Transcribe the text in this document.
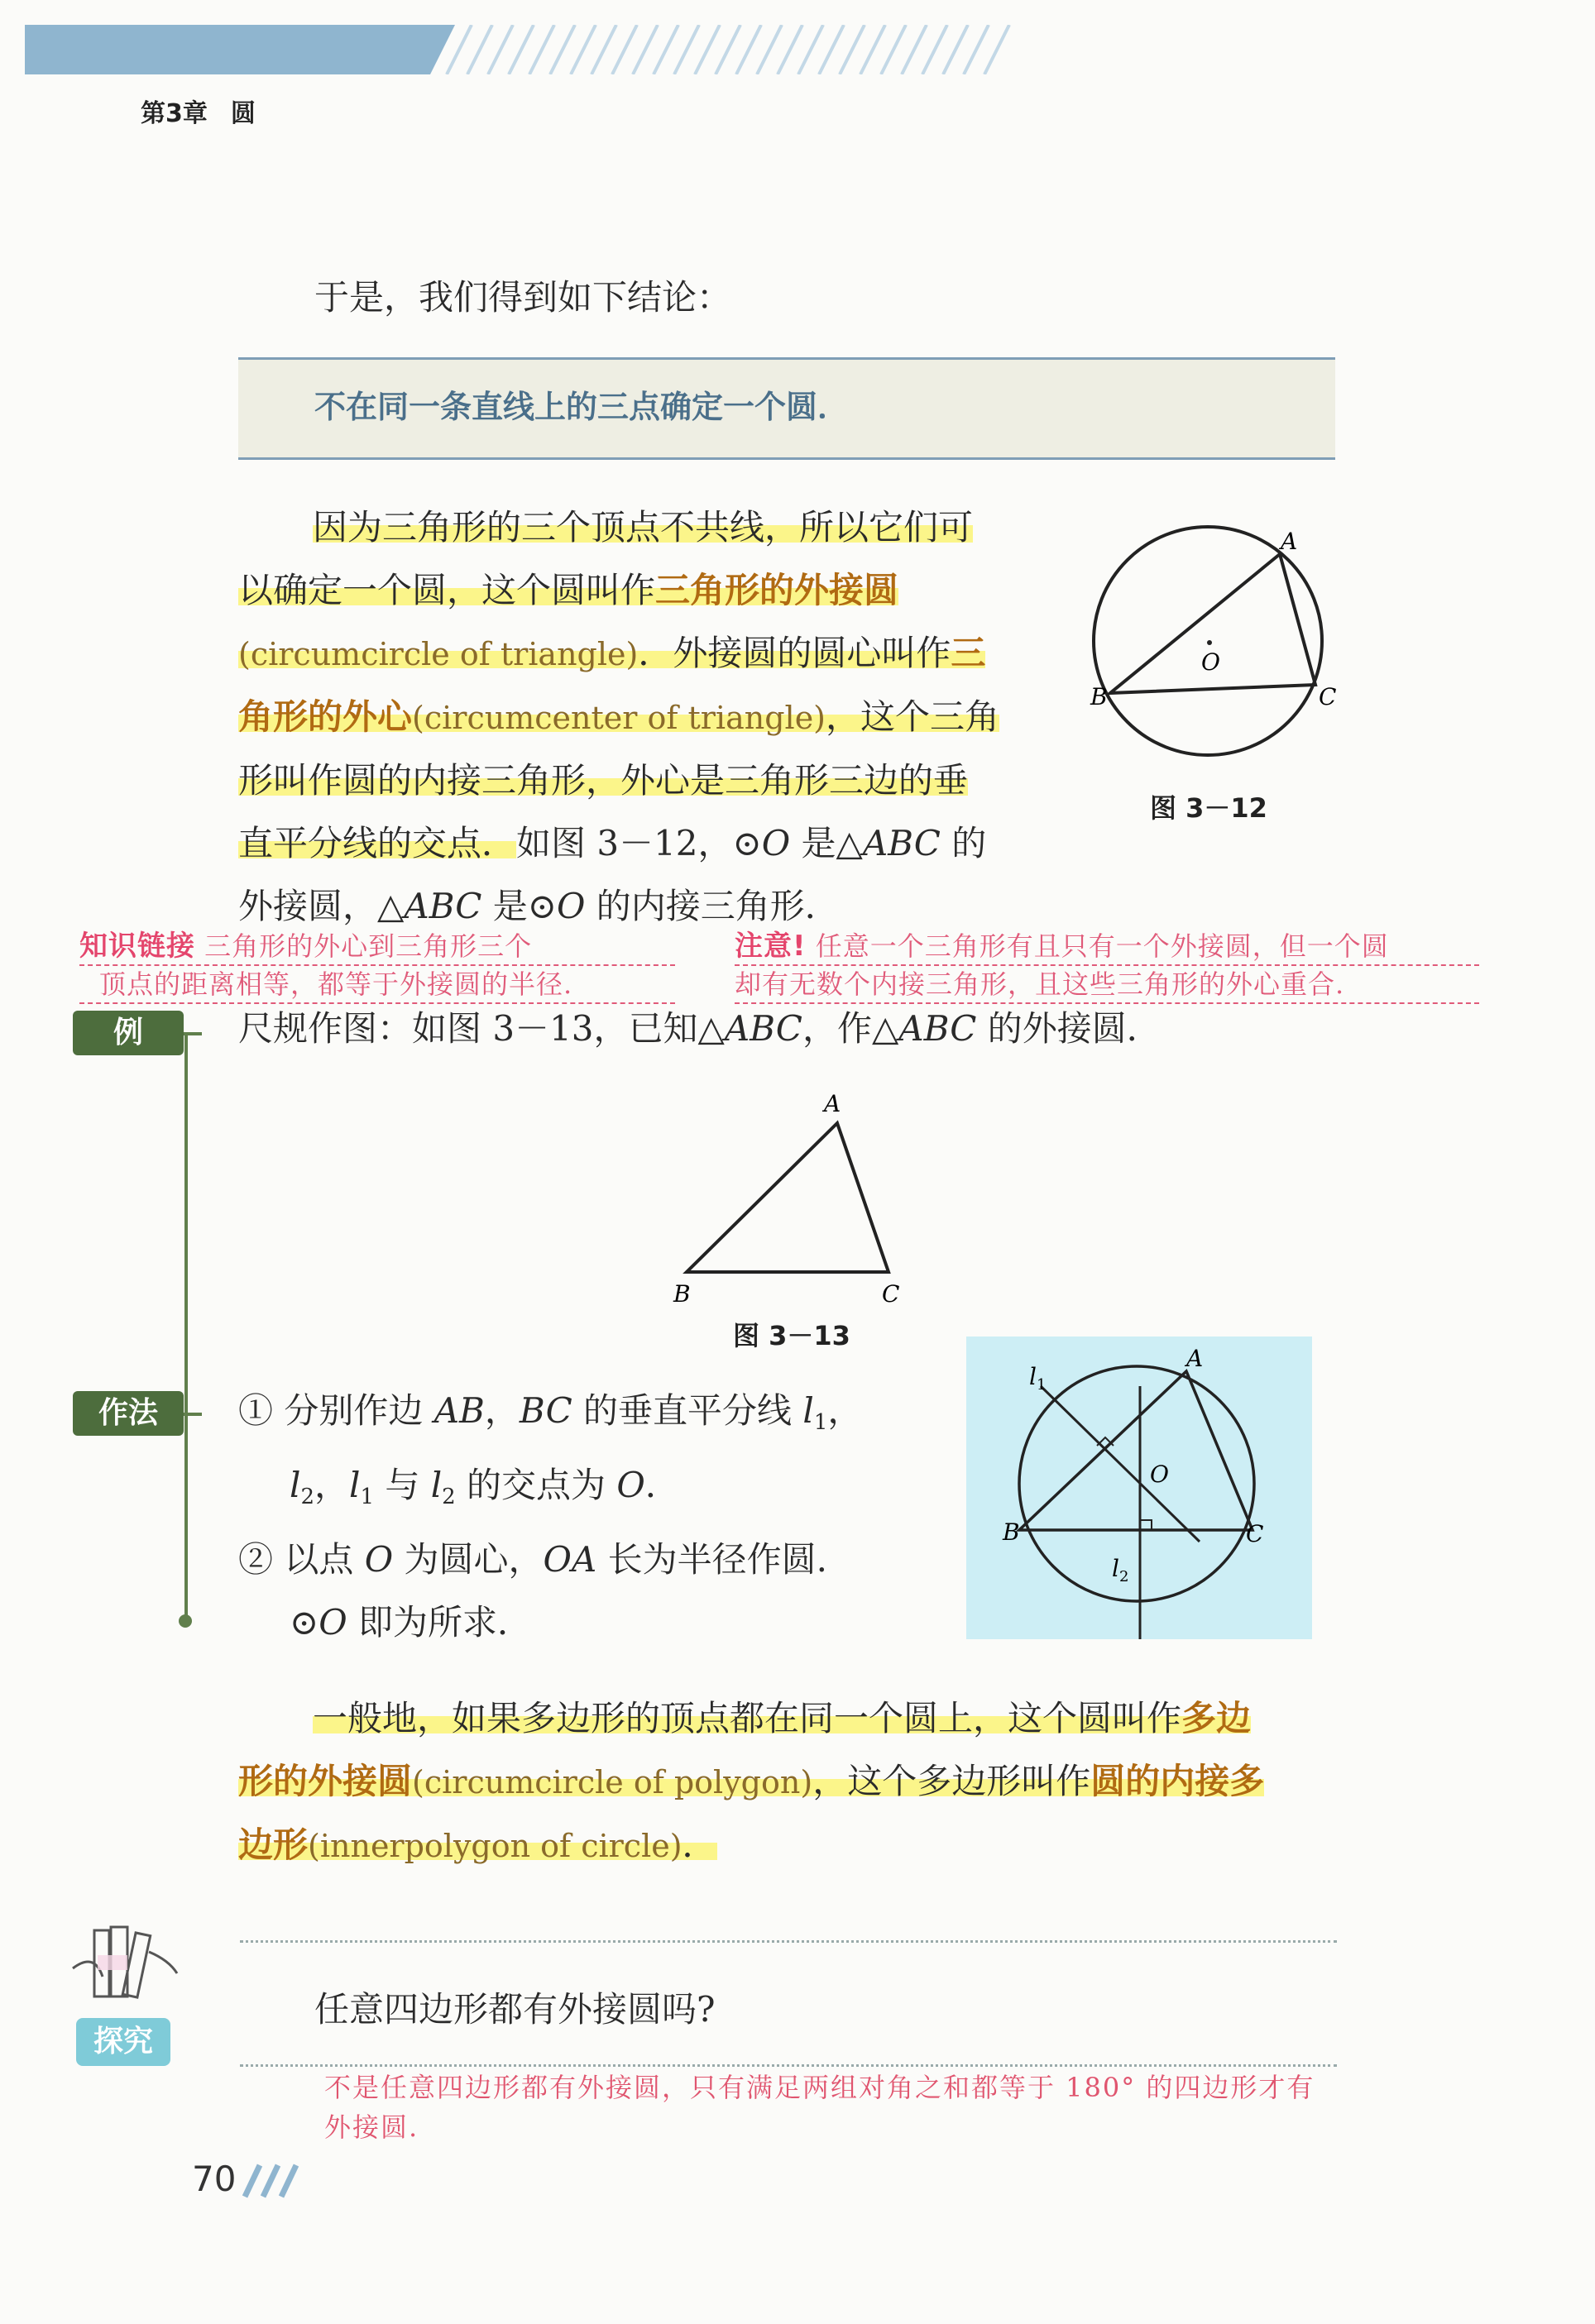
第3章 圆
于是，我们得到如下结论：
不在同一条直线上的三点确定一个圆．
因为三角形的三个顶点不共线，所以它们可
以确定一个圆，这个圆叫作三角形的外接圆
(circumcircle of triangle)．外接圆的圆心叫作三
角形的外心(circumcenter of triangle)，这个三角
形叫作圆的内接三角形，外心是三角形三边的垂
直平分线的交点．如图 3－12，⊙O 是△ABC 的
外接圆，△ABC 是⊙O 的内接三角形．
A
B	C
O
图 3－12
知识链接 三角形的外心到三角形三个
顶点的距离相等，都等于外接圆的半径.
注意! 任意一个三角形有且只有一个外接圆，但一个圆
却有无数个内接三角形，且这些三角形的外心重合.
例	尺规作图：如图 3－13，已知△ABC，作△ABC 的外接圆．
A
B	C
图 3－13
作法	① 分别作边 AB，BC 的垂直平分线 $l_1$，
$l_2$，$l_1$ 与 $l_2$ 的交点为 O．
② 以点 O 为圆心，OA 长为半径作圆.
⊙O 即为所求．
A
B	C
O
$l_1$
$l_2$
一般地，如果多边形的顶点都在同一个圆上，这个圆叫作多边
形的外接圆(circumcircle of polygon)，这个多边形叫作圆的内接多
边形(innerpolygon of circle)．
探究
任意四边形都有外接圆吗?
不是任意四边形都有外接圆，只有满足两组对角之和都等于 180° 的四边形才有外接圆.
70
